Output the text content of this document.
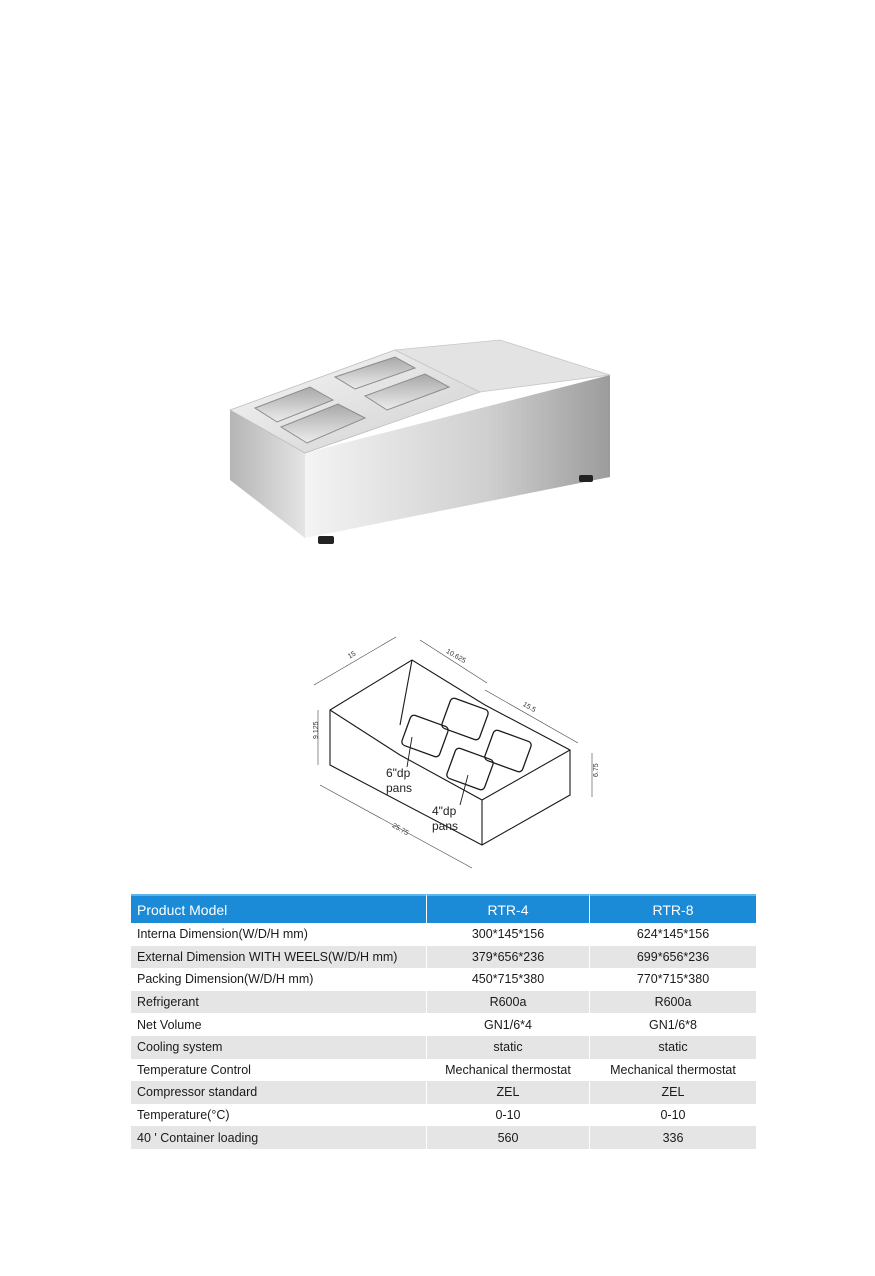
15	10.625
15.5
9.125
6.75
25.75
6"dp
pans
4"dp
pans
Product Model	RTR-4	RTR-8
Interna Dimension(W/D/H mm)	300*145*156	624*145*156
External Dimension WITH WEELS(W/D/H mm)	379*656*236	699*656*236
Packing Dimension(W/D/H mm)	450*715*380	770*715*380
Refrigerant	R600a	R600a
Net Volume	GN1/6*4	GN1/6*8
Cooling system	static	static
Temperature Control	Mechanical thermostat	Mechanical thermostat
Compressor standard	ZEL	ZEL
Temperature(°C)	0-10	0-10
40 ' Container loading	560	336
